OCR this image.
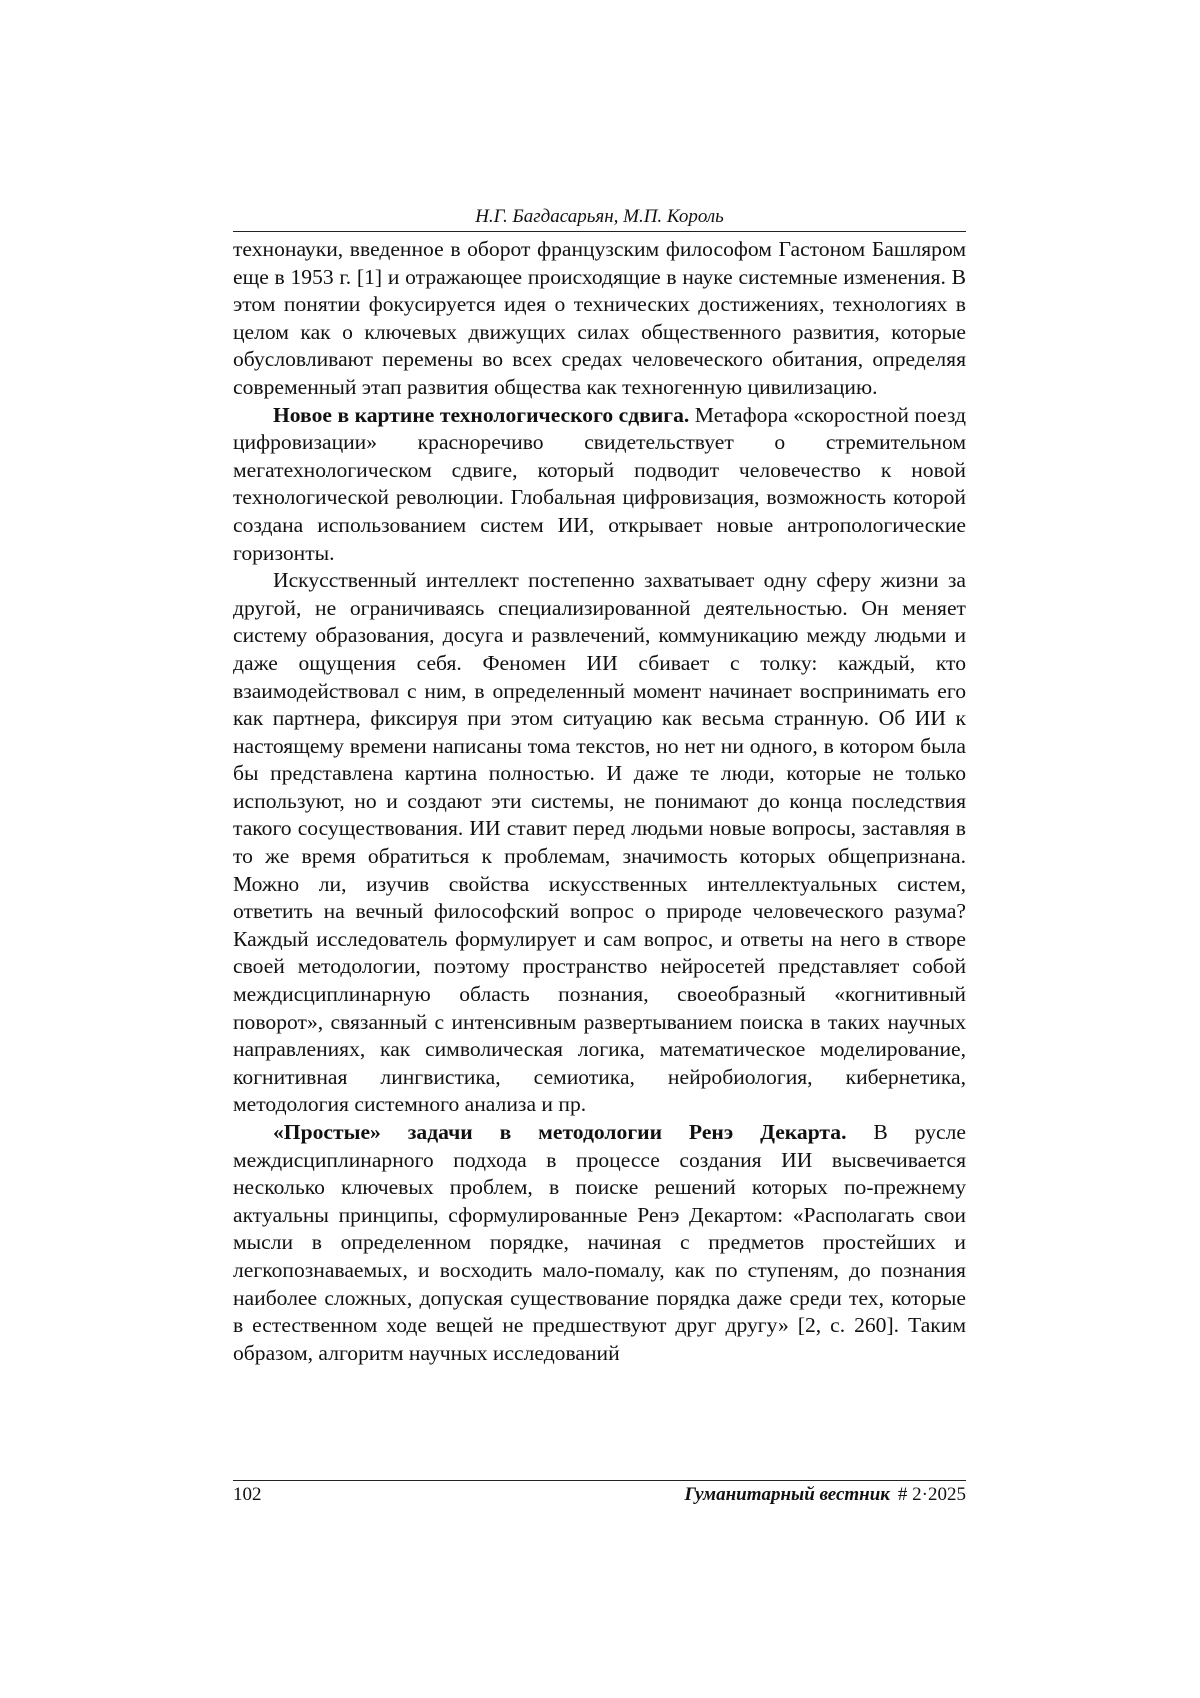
Н.Г. Багдасарьян, М.П. Король

технонауки, введенное в оборот французским философом Гастоном Башляром еще в 1953 г. [1] и отражающее происходящие в науке системные изменения. В этом понятии фокусируется идея о технических достижениях, технологиях в целом как о ключевых движущих силах общественного развития, которые обусловливают перемены во всех средах человеческого обитания, определяя современный этап развития общества как техногенную цивилизацию.

Новое в картине технологического сдвига. Метафора «скоростной поезд цифровизации» красноречиво свидетельствует о стремительном мегатехнологическом сдвиге, который подводит человечество к новой технологической революции. Глобальная цифровизация, возможность которой создана использованием систем ИИ, открывает новые антропологические горизонты.

Искусственный интеллект постепенно захватывает одну сферу жизни за другой, не ограничиваясь специализированной деятельностью. Он меняет систему образования, досуга и развлечений, коммуникацию между людьми и даже ощущения себя. Феномен ИИ сбивает с толку: каждый, кто взаимодействовал с ним, в определенный момент начинает воспринимать его как партнера, фиксируя при этом ситуацию как весьма странную. Об ИИ к настоящему времени написаны тома текстов, но нет ни одного, в котором была бы представлена картина полностью. И даже те люди, которые не только используют, но и создают эти системы, не понимают до конца последствия такого сосуществования. ИИ ставит перед людьми новые вопросы, заставляя в то же время обратиться к проблемам, значимость которых общепризнана. Можно ли, изучив свойства искусственных интеллектуальных систем, ответить на вечный философский вопрос о природе человеческого разума? Каждый исследователь формулирует и сам вопрос, и ответы на него в створе своей методологии, поэтому пространство нейросетей представляет собой междисциплинарную область познания, своеобразный «когнитивный поворот», связанный с интенсивным развертыванием поиска в таких научных направлениях, как символическая логика, математическое моделирование, когнитивная лингвистика, семиотика, нейробиология, кибернетика, методология системного анализа и пр.

«Простые» задачи в методологии Ренэ Декарта. В русле междисциплинарного подхода в процессе создания ИИ высвечивается несколько ключевых проблем, в поиске решений которых по-прежнему актуальны принципы, сформулированные Ренэ Декартом: «Располагать свои мысли в определенном порядке, начиная с предметов простейших и легкопознаваемых, и восходить мало-помалу, как по ступеням, до познания наиболее сложных, допуская существование порядка даже среди тех, которые в естественном ходе вещей не предшествуют друг другу» [2, с. 260]. Таким образом, алгоритм научных исследований

102	Гуманитарный вестник # 2·2025
